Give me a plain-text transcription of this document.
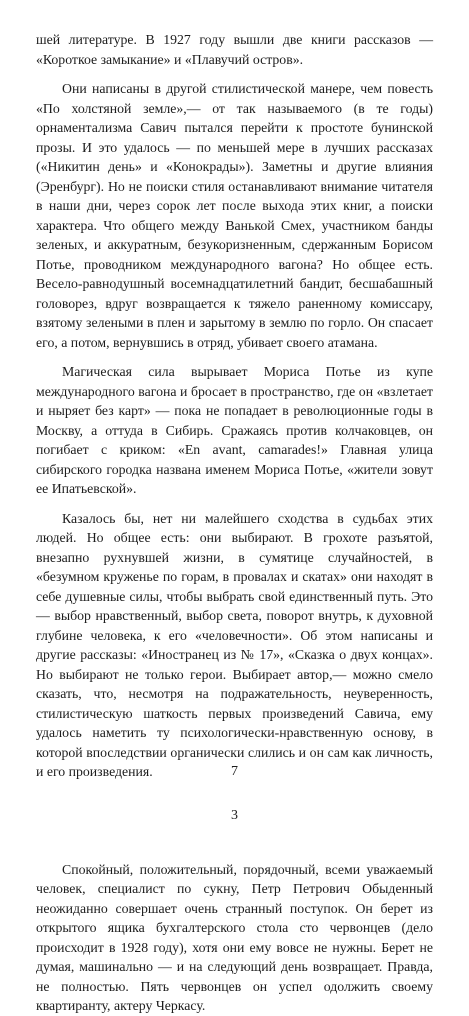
шей литературе. В 1927 году вышли две книги рассказов — «Короткое замыкание» и «Плавучий остров».

Они написаны в другой стилистической манере, чем повесть «По холстяной земле»,— от так называемого (в те годы) орнаментализма Савич пытался перейти к простоте бунинской прозы. И это удалось — по меньшей мере в лучших рассказах («Никитин день» и «Конокрады»). Заметны и другие влияния (Эренбург). Но не поиски стиля останавливают внимание читателя в наши дни, через сорок лет после выхода этих книг, а поиски характера. Что общего между Ванькой Смех, участником банды зеленых, и аккуратным, безукоризненным, сдержанным Борисом Потье, проводником международного вагона? Но общее есть. Весело-равнодушный восемнадцатилетний бандит, бесшабашный головорез, вдруг возвращается к тяжело раненному комиссару, взятому зелеными в плен и зарытому в землю по горло. Он спасает его, а потом, вернувшись в отряд, убивает своего атамана.

Магическая сила вырывает Мориса Потье из купе международного вагона и бросает в пространство, где он «взлетает и ныряет без карт» — пока не попадает в революционные годы в Москву, а оттуда в Сибирь. Сражаясь против колчаковцев, он погибает с криком: «En avant, camarades!» Главная улица сибирского городка названа именем Мориса Потье, «жители зовут ее Ипатьевской».

Казалось бы, нет ни малейшего сходства в судьбах этих людей. Но общее есть: они выбирают. В грохоте разъятой, внезапно рухнувшей жизни, в сумятице случайностей, в «безумном круженье по горам, в провалах и скатах» они находят в себе душевные силы, чтобы выбрать свой единственный путь. Это — выбор нравственный, выбор света, поворот внутрь, к духовной глубине человека, к его «человечности». Об этом написаны и другие рассказы: «Иностранец из № 17», «Сказка о двух концах». Но выбирают не только герои. Выбирает автор,— можно смело сказать, что, несмотря на подражательность, неуверенность, стилистическую шаткость первых произведений Савича, ему удалось наметить ту психологически-нравственную основу, в которой впоследствии органически слились и он сам как личность, и его произведения.

3

Спокойный, положительный, порядочный, всеми уважаемый человек, специалист по сукну, Петр Петрович Обыденный неожиданно совершает очень странный поступок. Он берет из открытого ящика бухгалтерского стола сто червонцев (дело происходит в 1928 году), хотя они ему вовсе не нужны. Берет не думая, машинально — и на следующий день возвращает. Правда, не полностью. Пять червонцев он успел одолжить своему квартиранту, актеру Черкасу.

7
